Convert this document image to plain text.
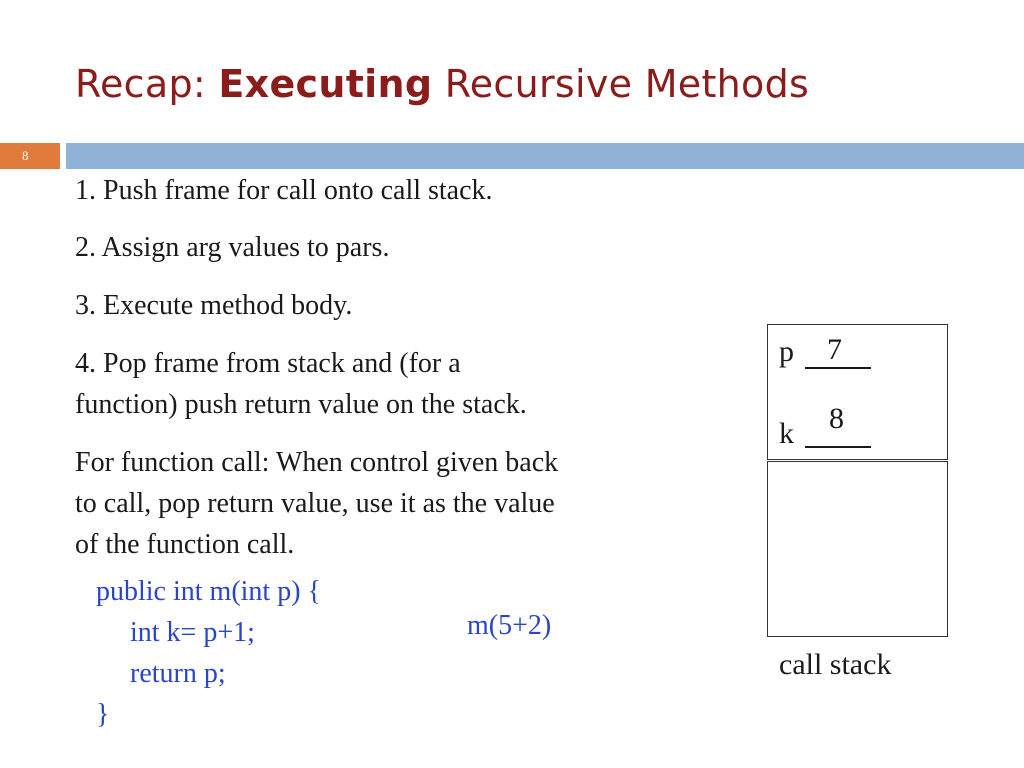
Recap: Executing Recursive Methods
8
1. Push frame for call onto call stack.
2. Assign arg values to pars.
3. Execute method body.
4. Pop frame from stack and (for a
function) push return value on the stack.
For function call: When control given back
to call, pop return value, use it as the value
of the function call.
public int m(int p) {
int k= p+1;
return p;
}
m(5+2)
p 7
k 8
call stack
